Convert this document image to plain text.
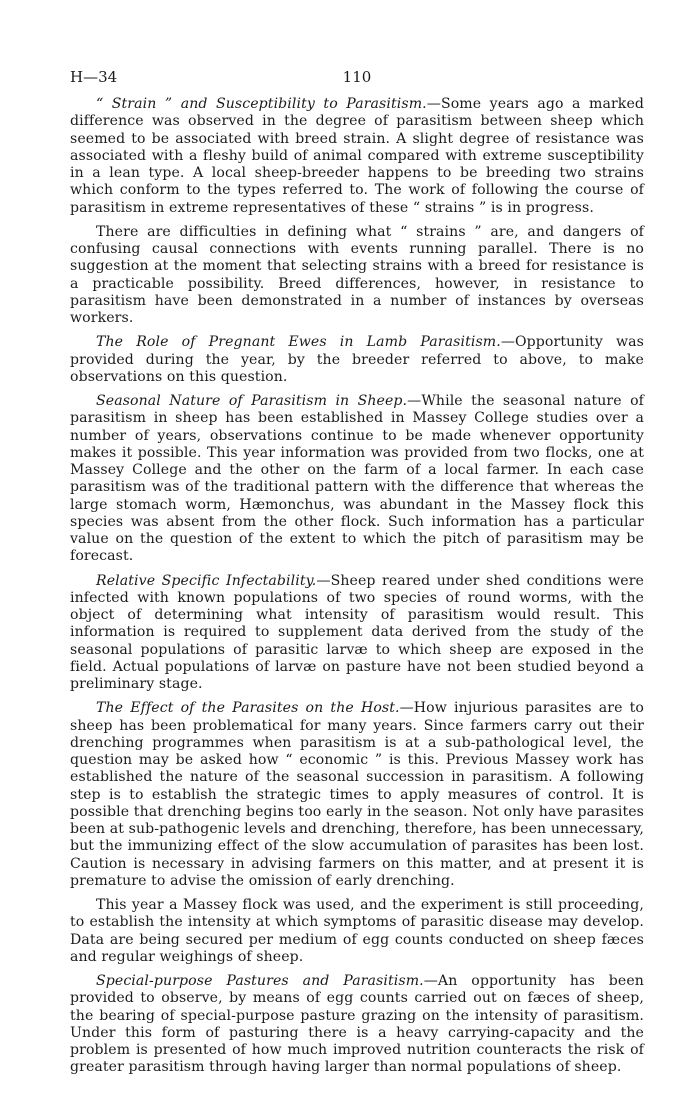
H—34	110

“ Strain ” and Susceptibility to Parasitism.—Some years ago a marked difference was observed in the degree of parasitism between sheep which seemed to be associated with breed strain. A slight degree of resistance was associated with a fleshy build of animal compared with extreme susceptibility in a lean type. A local sheep-breeder happens to be breeding two strains which conform to the types referred to. The work of following the course of parasitism in extreme representatives of these “ strains ” is in progress.

There are difficulties in defining what “ strains ” are, and dangers of confusing causal connections with events running parallel. There is no suggestion at the moment that selecting strains with a breed for resistance is a practicable possibility. Breed differences, however, in resistance to parasitism have been demonstrated in a number of instances by overseas workers.

The Role of Pregnant Ewes in Lamb Parasitism.—Opportunity was provided during the year, by the breeder referred to above, to make observations on this question.

Seasonal Nature of Parasitism in Sheep.—While the seasonal nature of parasitism in sheep has been established in Massey College studies over a number of years, observations continue to be made whenever opportunity makes it possible. This year information was provided from two flocks, one at Massey College and the other on the farm of a local farmer. In each case parasitism was of the traditional pattern with the difference that whereas the large stomach worm, Hæmonchus, was abundant in the Massey flock this species was absent from the other flock. Such information has a particular value on the question of the extent to which the pitch of parasitism may be forecast.

Relative Specific Infectability.—Sheep reared under shed conditions were infected with known populations of two species of round worms, with the object of determining what intensity of parasitism would result. This information is required to supplement data derived from the study of the seasonal populations of parasitic larvæ to which sheep are exposed in the field. Actual populations of larvæ on pasture have not been studied beyond a preliminary stage.

The Effect of the Parasites on the Host.—How injurious parasites are to sheep has been problematical for many years. Since farmers carry out their drenching programmes when parasitism is at a sub-pathological level, the question may be asked how “ economic ” is this. Previous Massey work has established the nature of the seasonal succession in parasitism. A following step is to establish the strategic times to apply measures of control. It is possible that drenching begins too early in the season. Not only have parasites been at sub-pathogenic levels and drenching, therefore, has been unnecessary, but the immunizing effect of the slow accumulation of parasites has been lost. Caution is necessary in advising farmers on this matter, and at present it is premature to advise the omission of early drenching.

This year a Massey flock was used, and the experiment is still proceeding, to establish the intensity at which symptoms of parasitic disease may develop. Data are being secured per medium of egg counts conducted on sheep fæces and regular weighings of sheep.

Special-purpose Pastures and Parasitism.—An opportunity has been provided to observe, by means of egg counts carried out on fæces of sheep, the bearing of special-purpose pasture grazing on the intensity of parasitism. Under this form of pasturing there is a heavy carrying-capacity and the problem is presented of how much improved nutrition counteracts the risk of greater parasitism through having larger than normal populations of sheep.
